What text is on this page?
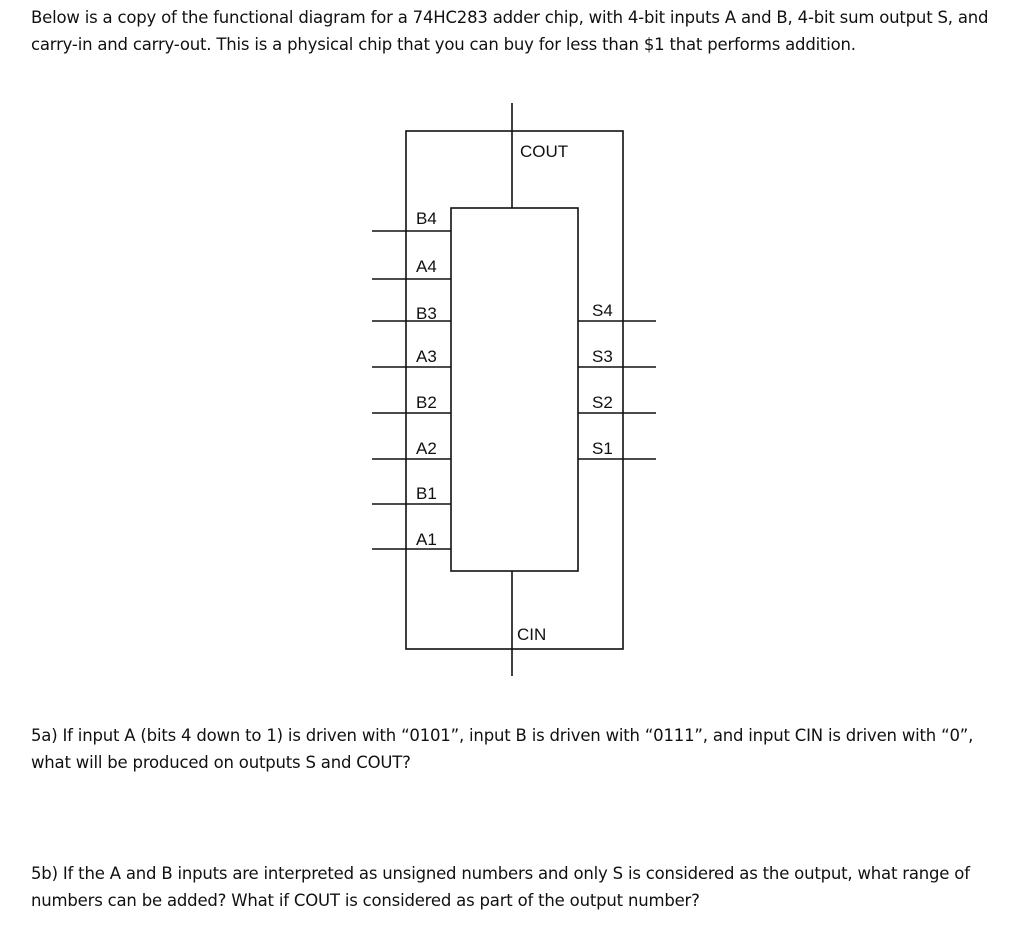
Below is a copy of the functional diagram for a 74HC283 adder chip, with 4-bit inputs A and B, 4-bit sum output S, and carry-in and carry-out. This is a physical chip that you can buy for less than $1 that performs addition.

COUT
CIN
B4
A4
B3
A3
B2
A2
B1
A1
S4
S3
S2
S1

5a) If input A (bits 4 down to 1) is driven with “0101”, input B is driven with “0111”, and input CIN is driven with “0”, what will be produced on outputs S and COUT?

5b) If the A and B inputs are interpreted as unsigned numbers and only S is considered as the output, what range of numbers can be added? What if COUT is considered as part of the output number?
